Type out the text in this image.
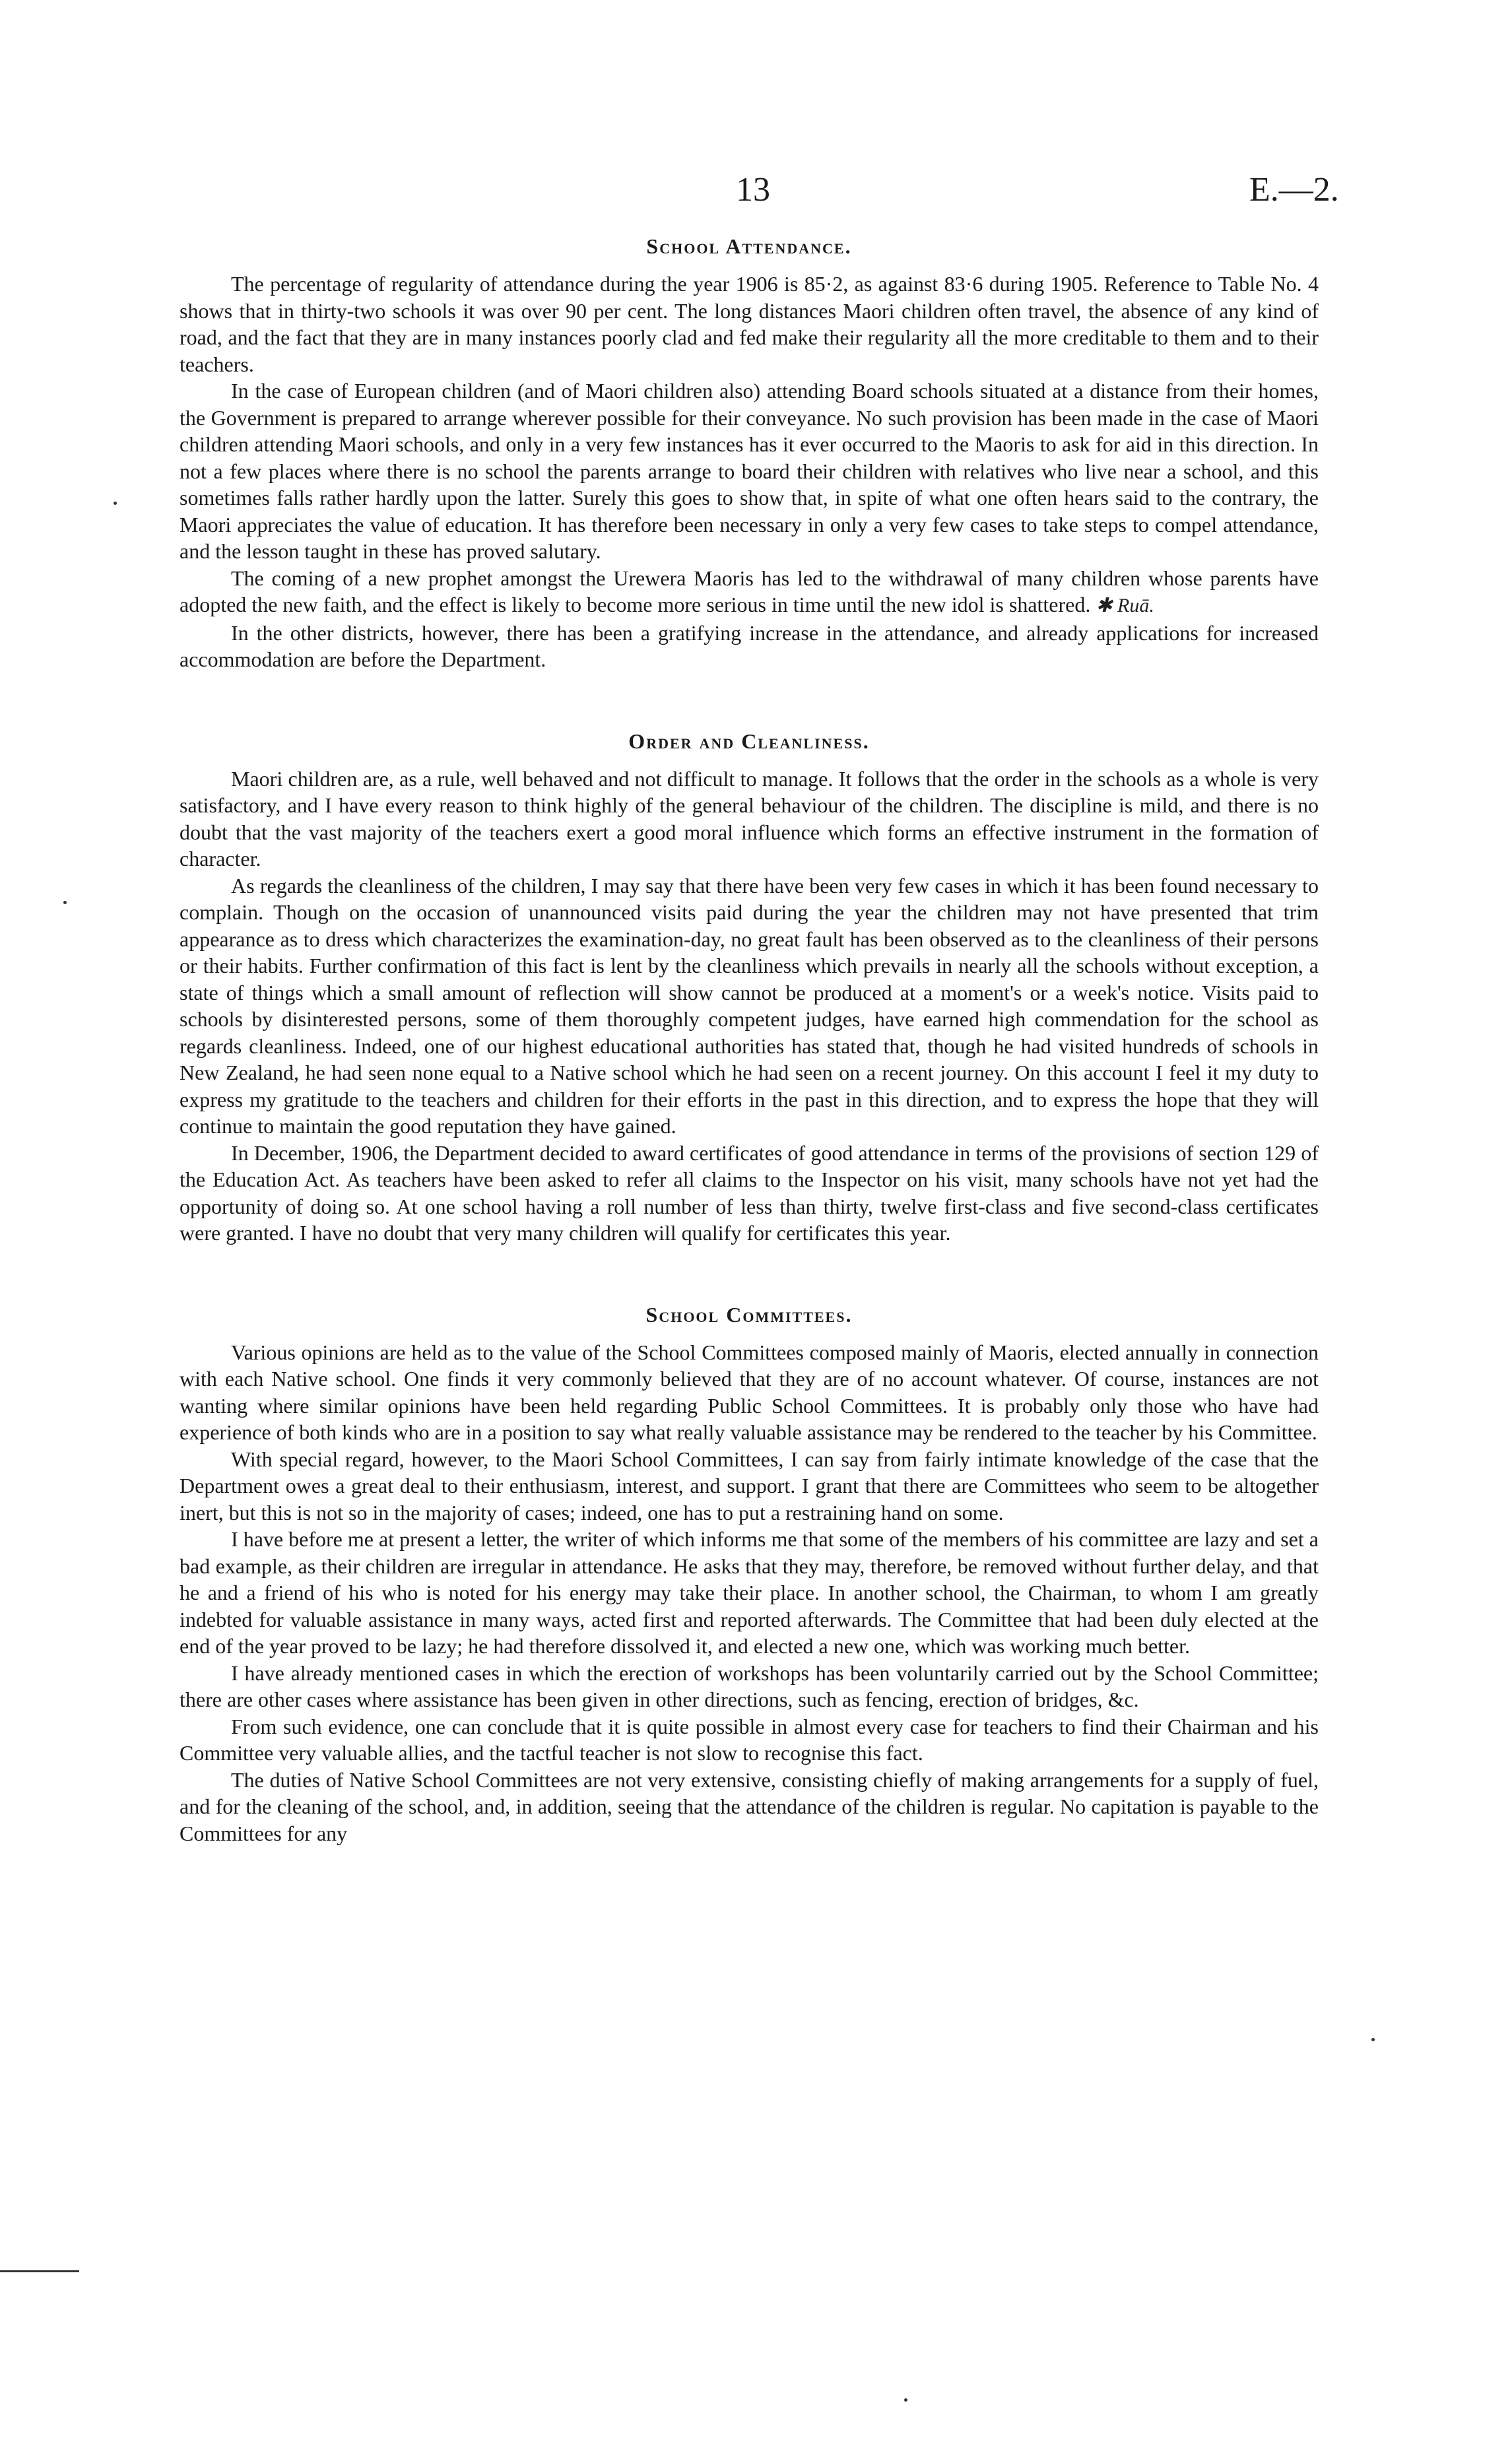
13	E.—2.
School Attendance.

The percentage of regularity of attendance during the year 1906 is 85·2, as against 83·6 during 1905. Reference to Table No. 4 shows that in thirty-two schools it was over 90 per cent. The long distances Maori children often travel, the absence of any kind of road, and the fact that they are in many instances poorly clad and fed make their regularity all the more creditable to them and to their teachers.

In the case of European children (and of Maori children also) attending Board schools situated at a distance from their homes, the Government is prepared to arrange wherever possible for their conveyance. No such provision has been made in the case of Maori children attending Maori schools, and only in a very few instances has it ever occurred to the Maoris to ask for aid in this direction. In not a few places where there is no school the parents arrange to board their children with relatives who live near a school, and this sometimes falls rather hardly upon the latter. Surely this goes to show that, in spite of what one often hears said to the contrary, the Maori appreciates the value of education. It has therefore been necessary in only a very few cases to take steps to compel attendance, and the lesson taught in these has proved salutary.

The coming of a new prophet amongst the Urewera Maoris has led to the withdrawal of many children whose parents have adopted the new faith, and the effect is likely to become more serious in time until the new idol is shattered. ✱ Ruā.

In the other districts, however, there has been a gratifying increase in the attendance, and already applications for increased accommodation are before the Department.

Order and Cleanliness.

Maori children are, as a rule, well behaved and not difficult to manage. It follows that the order in the schools as a whole is very satisfactory, and I have every reason to think highly of the general behaviour of the children. The discipline is mild, and there is no doubt that the vast majority of the teachers exert a good moral influence which forms an effective instrument in the formation of character.

As regards the cleanliness of the children, I may say that there have been very few cases in which it has been found necessary to complain. Though on the occasion of unannounced visits paid during the year the children may not have presented that trim appearance as to dress which characterizes the examination-day, no great fault has been observed as to the cleanliness of their persons or their habits. Further confirmation of this fact is lent by the cleanliness which prevails in nearly all the schools without exception, a state of things which a small amount of reflection will show cannot be produced at a moment's or a week's notice. Visits paid to schools by disinterested persons, some of them thoroughly competent judges, have earned high commendation for the school as regards cleanliness. Indeed, one of our highest educational authorities has stated that, though he had visited hundreds of schools in New Zealand, he had seen none equal to a Native school which he had seen on a recent journey. On this account I feel it my duty to express my gratitude to the teachers and children for their efforts in the past in this direction, and to express the hope that they will continue to maintain the good reputation they have gained.

In December, 1906, the Department decided to award certificates of good attendance in terms of the provisions of section 129 of the Education Act. As teachers have been asked to refer all claims to the Inspector on his visit, many schools have not yet had the opportunity of doing so. At one school having a roll number of less than thirty, twelve first-class and five second-class certificates were granted. I have no doubt that very many children will qualify for certificates this year.

School Committees.

Various opinions are held as to the value of the School Committees composed mainly of Maoris, elected annually in connection with each Native school. One finds it very commonly believed that they are of no account whatever. Of course, instances are not wanting where similar opinions have been held regarding Public School Committees. It is probably only those who have had experience of both kinds who are in a position to say what really valuable assistance may be rendered to the teacher by his Committee.

With special regard, however, to the Maori School Committees, I can say from fairly intimate knowledge of the case that the Department owes a great deal to their enthusiasm, interest, and support. I grant that there are Committees who seem to be altogether inert, but this is not so in the majority of cases; indeed, one has to put a restraining hand on some.

I have before me at present a letter, the writer of which informs me that some of the members of his committee are lazy and set a bad example, as their children are irregular in attendance. He asks that they may, therefore, be removed without further delay, and that he and a friend of his who is noted for his energy may take their place. In another school, the Chairman, to whom I am greatly indebted for valuable assistance in many ways, acted first and reported afterwards. The Committee that had been duly elected at the end of the year proved to be lazy; he had therefore dissolved it, and elected a new one, which was working much better.

I have already mentioned cases in which the erection of workshops has been voluntarily carried out by the School Committee; there are other cases where assistance has been given in other directions, such as fencing, erection of bridges, &c.

From such evidence, one can conclude that it is quite possible in almost every case for teachers to find their Chairman and his Committee very valuable allies, and the tactful teacher is not slow to recognise this fact.

The duties of Native School Committees are not very extensive, consisting chiefly of making arrangements for a supply of fuel, and for the cleaning of the school, and, in addition, seeing that the attendance of the children is regular. No capitation is payable to the Committees for any
